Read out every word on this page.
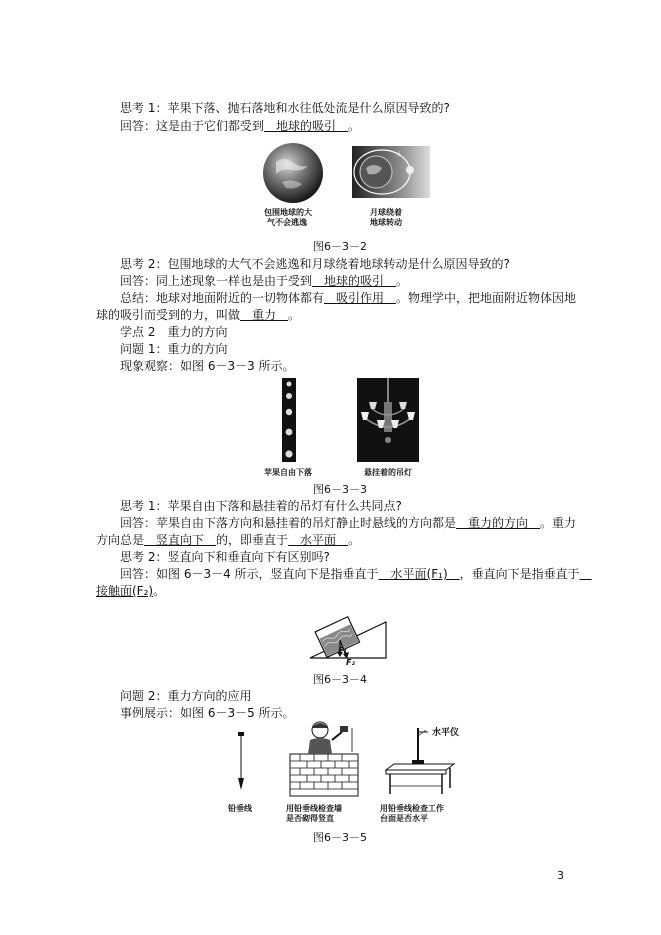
思考 1：苹果下落、抛石落地和水往低处流是什么原因导致的?
回答：这是由于它们都受到＿地球的吸引＿。
月
包围地球的大
气不会逃逸
月球绕着
地球转动
图6－3－2
思考 2：包围地球的大气不会逃逸和月球绕着地球转动是什么原因导致的?
回答：同上述现象一样也是由于受到＿地球的吸引＿。
总结：地球对地面附近的一切物体都有＿吸引作用＿。物理学中，把地面附近物体因地
球的吸引而受到的力，叫做＿重力＿。
学点 2　重力的方向
问题 1：重力的方向
现象观察：如图 6－3－3 所示。
苹果自由下落	悬挂着的吊灯
图6－3－3
思考 1：苹果自由下落和悬挂着的吊灯有什么共同点?
回答：苹果自由下落方向和悬挂着的吊灯静止时悬线的方向都是＿重力的方向＿。重力
方向总是＿竖直向下＿的，即垂直于＿水平面＿。
思考 2：竖直向下和垂直向下有区别吗?
回答：如图 6－3－4 所示，竖直向下是指垂直于＿水平面(F₁)＿，垂直向下是指垂直于＿
接触面(F₂)。
F₁
F₂
图6－3－4
问题 2：重力方向的应用
事例展示：如图 6－3－5 所示。
水平仪
铅垂线	用铅垂线检查墙
是否砌得竖直
用铅垂线检查工作
台面是否水平
图6－3－5
3
